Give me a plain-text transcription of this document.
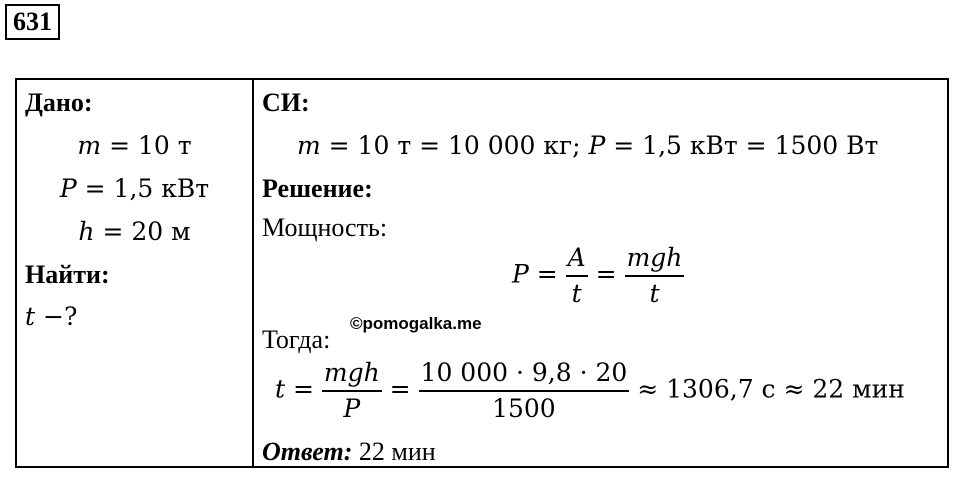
631
Дано:
m = 10 т
P = 1,5 кВт
h = 20 м
Найти:
t −?
СИ:
m = 10 т = 10 000 кг; P = 1,5 кВт = 1500 Вт
Решение:
Мощность:
$P = \frac{A}{t} = \frac{\text{mgh}}{t}$
Тогда:
©pomogalka.me
$t = \frac{\text{mgh}}{P} = \frac{10 000 \cdot 9,8 \cdot 20}{1500} \approx 1306,7$ с ≈ 22 мин
Ответ: 22 мин
